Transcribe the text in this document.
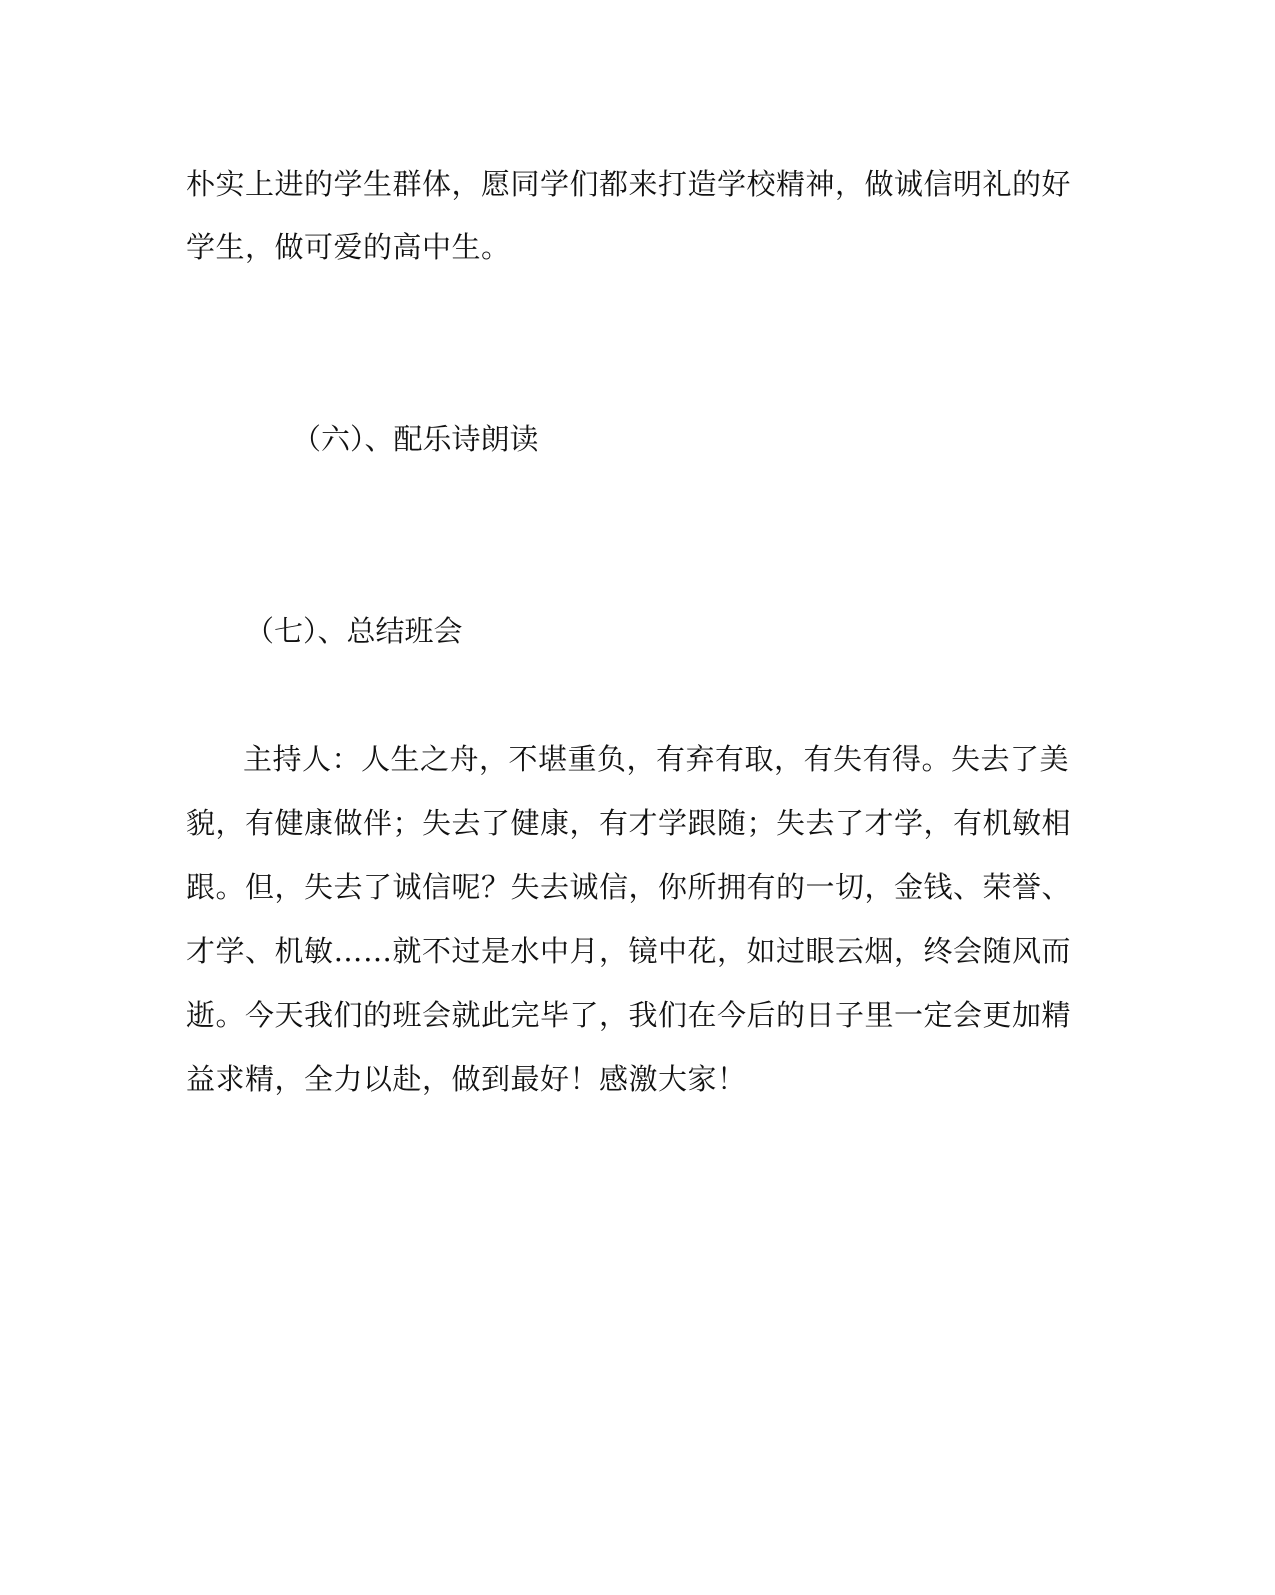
朴实上进的学生群体，愿同学们都来打造学校精神，做诚信明礼的好
学生，做可爱的高中生。
（六）、配乐诗朗读
（七）、总结班会
主持人：人生之舟，不堪重负，有弃有取，有失有得。失去了美
貌，有健康做伴；失去了健康，有才学跟随；失去了才学，有机敏相
跟。但，失去了诚信呢？失去诚信，你所拥有的一切，金钱、荣誉、
才学、机敏……就不过是水中月，镜中花，如过眼云烟，终会随风而
逝。今天我们的班会就此完毕了，我们在今后的日子里一定会更加精
益求精，全力以赴，做到最好！感激大家！
